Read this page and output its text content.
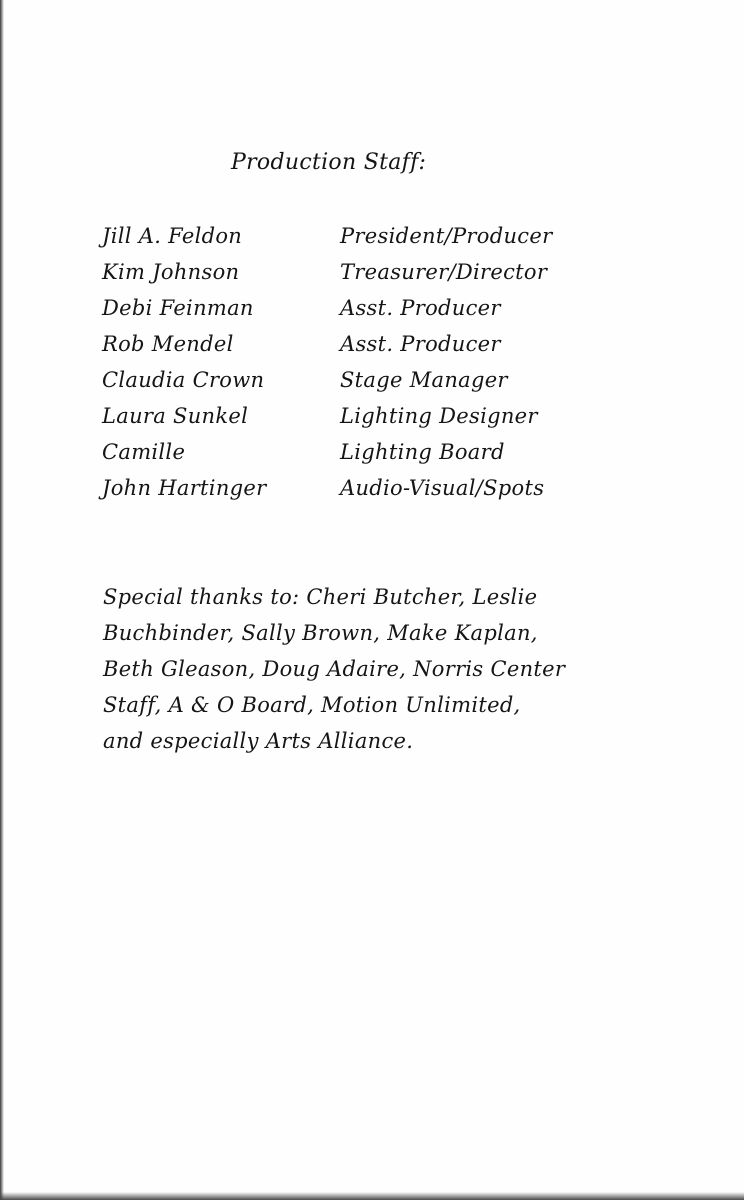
Production Staff:
Jill A. Feldon	President/Producer
Kim Johnson	Treasurer/Director
Debi Feinman	Asst. Producer
Rob Mendel	Asst. Producer
Claudia Crown	Stage Manager
Laura Sunkel	Lighting Designer
Camille	Lighting Board
John Hartinger	Audio-Visual/Spots
Special thanks to: Cheri Butcher, Leslie
Buchbinder, Sally Brown, Make Kaplan,
Beth Gleason, Doug Adaire, Norris Center
Staff, A & O Board, Motion Unlimited,
and especially Arts Alliance.
